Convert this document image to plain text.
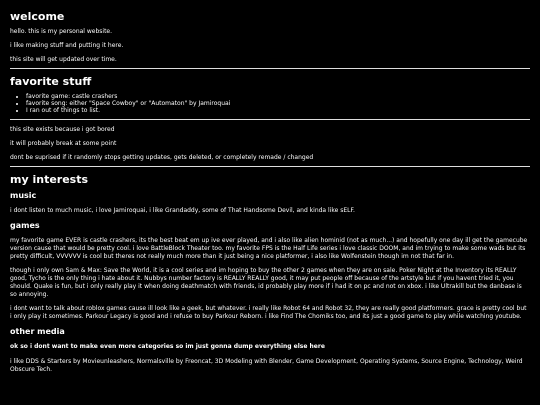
welcome

hello. this is my personal website.

i like making stuff and putting it here.

this site will get updated over time.

favorite stuff
• favorite game: castle crashers
• favorite song: either "Space Cowboy" or "Automaton" by Jamiroquai
• I ran out of things to list.

this site exists because i got bored

it will probably break at some point

dont be suprised if it randomly stops getting updates, gets deleted, or completely remade / changed

my interests
music

i dont listen to much music, i love Jamiroquai, i like Grandaddy, some of That Handsome Devil, and kinda like sELF.

games

my favorite game EVER is castle crashers, its the best beat em up ive ever played, and i also like alien hominid (not as much...) and hopefully one day ill get the gamecube version cause that would be pretty cool. i love BattleBlock Theater too. my favorite FPS is the Half Life series i love classic DOOM, and im trying to make some wads but its pretty difficult, VVVVVV is cool but theres not really much more than it just being a nice platformer, i also like Wolfenstein though im not that far in.

though i only own Sam & Max: Save the World, it is a cool series and im hoping to buy the other 2 games when they are on sale. Poker Night at the Inventory its REALLY good, Tycho is the only thing i hate about it. Nubbys number factory is REALLY REALLY good, it may put people off because of the artstyle but if you havent tried it, you should. Quake is fun, but i only really play it when doing deathmatch with friends, id probably play more if i had it on pc and not on xbox. i like Ultrakill but the danbase is so annoying.

i dont want to talk about roblox games cause ill look like a geek, but whatever. i really like Robot 64 and Robot 32, they are really good platformers. grace is pretty cool but i only play it sometimes. Parkour Legacy is good and i refuse to buy Parkour Reborn. i like Find The Chomiks too, and its just a good game to play while watching youtube.

other media
ok so i dont want to make even more categories so im just gonna dump everything else here

i like DDS & Starters by Movieunleashers, Normalsville by Freoncat, 3D Modeling with Blender, Game Development, Operating Systems, Source Engine, Technology, Weird Obscure Tech.
